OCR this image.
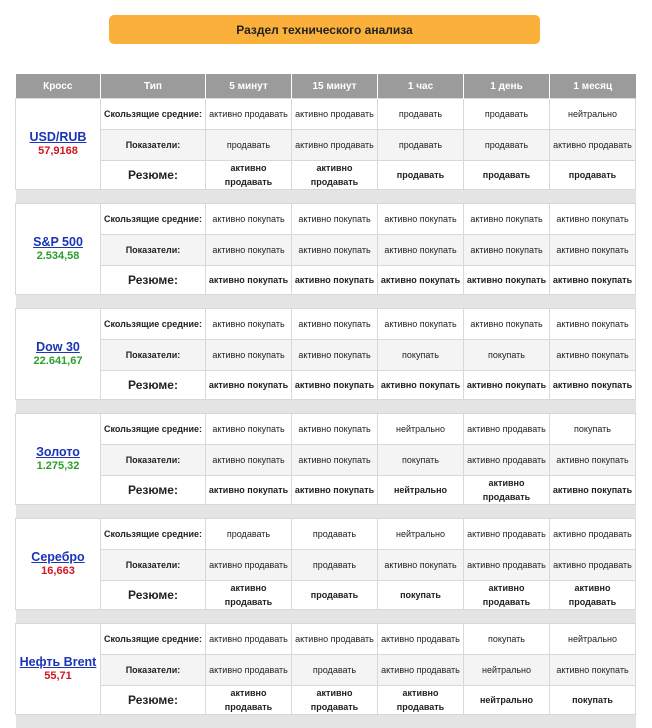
Раздел технического анализа
Кросс	Тип	5 минут	15 минут	1 час	1 день	1 месяц

USD/RUB
57,9168	Скользящие средние:	активно продавать	активно продавать	продавать	продавать	нейтрально
	Показатели:	продавать	активно продавать	продавать	продавать	активно продавать
	Резюме:	активно продавать	активно продавать	продавать	продавать	продавать

S&P 500
2.534,58	Скользящие средние:	активно покупать	активно покупать	активно покупать	активно покупать	активно покупать
	Показатели:	активно покупать	активно покупать	активно покупать	активно покупать	активно покупать
	Резюме:	активно покупать	активно покупать	активно покупать	активно покупать	активно покупать

Dow 30
22.641,67	Скользящие средние:	активно покупать	активно покупать	активно покупать	активно покупать	активно покупать
	Показатели:	активно покупать	активно покупать	покупать	покупать	активно покупать
	Резюме:	активно покупать	активно покупать	активно покупать	активно покупать	активно покупать

Золото
1.275,32	Скользящие средние:	активно покупать	активно покупать	нейтрально	активно продавать	покупать
	Показатели:	активно покупать	активно покупать	покупать	активно продавать	активно покупать
	Резюме:	активно покупать	активно покупать	нейтрально	активно продавать	активно покупать

Серебро
16,663	Скользящие средние:	продавать	продавать	нейтрально	активно продавать	активно продавать
	Показатели:	активно продавать	продавать	активно покупать	активно продавать	активно продавать
	Резюме:	активно продавать	продавать	покупать	активно продавать	активно продавать

Нефть Brent
55,71	Скользящие средние:	активно продавать	активно продавать	активно продавать	покупать	нейтрально
	Показатели:	активно продавать	продавать	активно продавать	нейтрально	активно покупать
	Резюме:	активно продавать	активно продавать	активно продавать	нейтрально	покупать
